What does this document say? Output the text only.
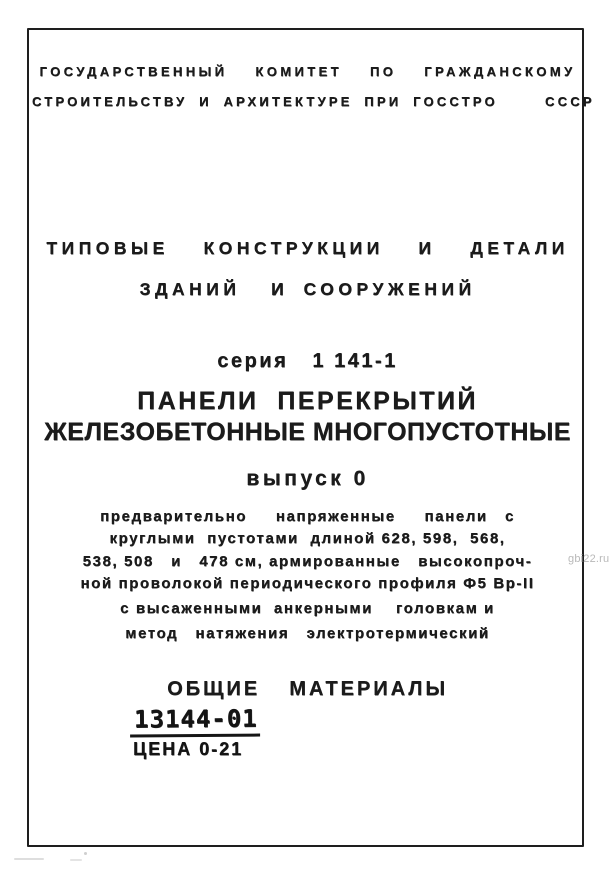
ГОСУДАРСТВЕННЫЙ  КОМИТЕТ  ПО  ГРАЖДАНСКОМУ
СТРОИТЕЛЬСТВУ И АРХИТЕКТУРЕ ПРИ ГОССТРО    СССР
ТИПОВЫЕ  КОНСТРУКЦИИ  И  ДЕТАЛИ
ЗДАНИЙ  И СООРУЖЕНИЙ
серия   1 141-1
ПАНЕЛИ  ПЕРЕКРЫТИЙ
ЖЕЛЕЗОБЕТОННЫЕ МНОГОПУСТОТНЫЕ
выпуск 0
предварительно     напряженные     панели   с
круглыми  пустотами  длиной 628, 598,  568,
538, 508   и   478 см, армированные   высокопроч-
ной проволокой периодического профиля Ф5 Вр-II
с высаженными  анкерными    головкам и
метод   натяжения   электротермический
ОБЩИЕ  МАТЕРИАЛЫ
13144-01
ЦЕНА 0-21
gbi22.ru
